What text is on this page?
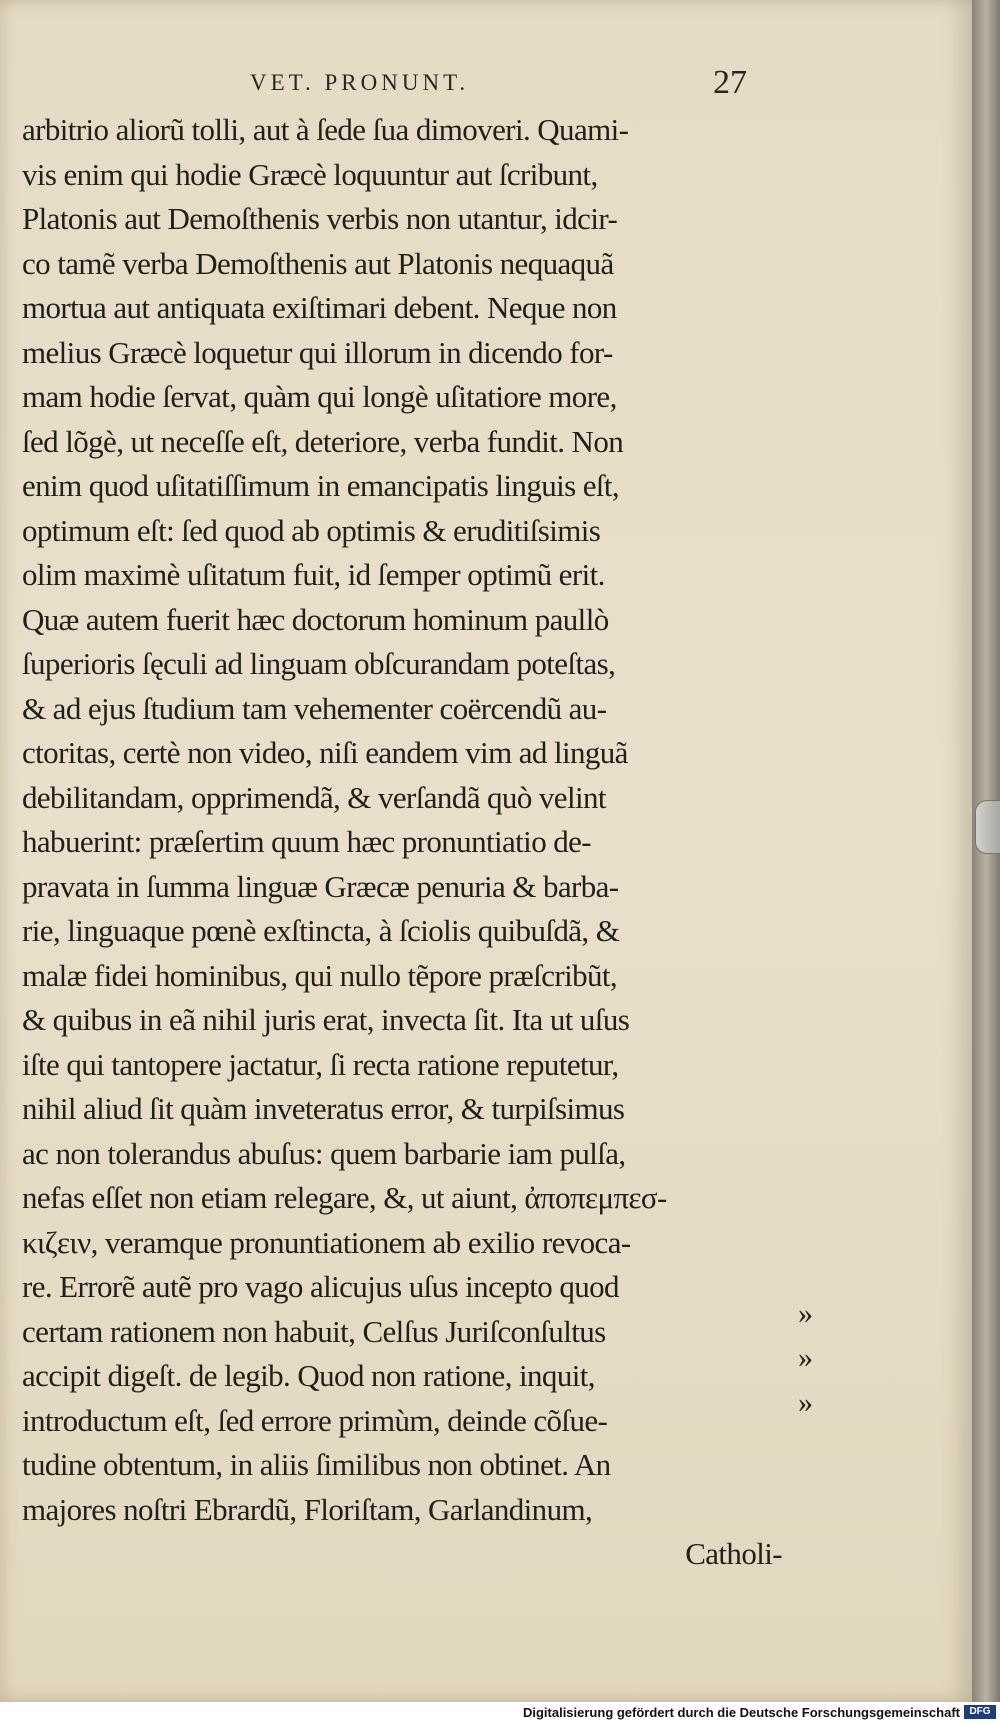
VET. PRONUNT.	27
arbitrio aliorũ tolli, aut à ſede ſua dimoveri. Quami-
vis enim qui hodie Græcè loquuntur aut ſcribunt,
Platonis aut Demoſthenis verbis non utantur, idcir-
co tamẽ verba Demoſthenis aut Platonis nequaquã
mortua aut antiquata exiſtimari debent. Neque non
melius Græcè loquetur qui illorum in dicendo for-
mam hodie ſervat, quàm qui longè uſitatiore more,
ſed lõgè, ut neceſſe eſt, deteriore, verba fundit. Non
enim quod uſitatiſſimum in emancipatis linguis eſt,
optimum eſt: ſed quod ab optimis & eruditiſsimis
olim maximè uſitatum fuit, id ſemper optimũ erit.
Quæ autem fuerit hæc doctorum hominum paullò
ſuperioris ſęculi ad linguam obſcurandam poteſtas,
& ad ejus ſtudium tam vehementer coërcendũ au-
ctoritas, certè non video, niſi eandem vim ad linguã
debilitandam, opprimendã, & verſandã quò velint
habuerint: præſertim quum hæc pronuntiatio de-
pravata in ſumma linguæ Græcæ penuria & barba-
rie, linguaque pœnè exſtincta, à ſciolis quibuſdã, &
malæ fidei hominibus, qui nullo tẽpore præſcribũt,
& quibus in eã nihil juris erat, invecta ſit. Ita ut uſus
iſte qui tantopere jactatur, ſi recta ratione reputetur,
nihil aliud ſit quàm inveteratus error, & turpiſsimus
ac non tolerandus abuſus: quem barbarie iam pulſa,
nefas eſſet non etiam relegare, &, ut aiunt, ἀποπεμπεσ-
κιζειν, veramque pronuntiationem ab exilio revoca-
re. Errorẽ autẽ pro vago alicujus uſus incepto quod
certam rationem non habuit, Celſus Juriſconſultus
accipit digeſt. de legib. Quod non ratione, inquit,
introductum eſt, ſed errore primùm, deinde cõſue-
tudine obtentum, in aliis ſimilibus non obtinet. An
majores noſtri Ebrardũ, Floriſtam, Garlandinum,
Catholi-
»
»
»
Digitalisierung gefördert durch die Deutsche Forschungsgemeinschaft DFG
